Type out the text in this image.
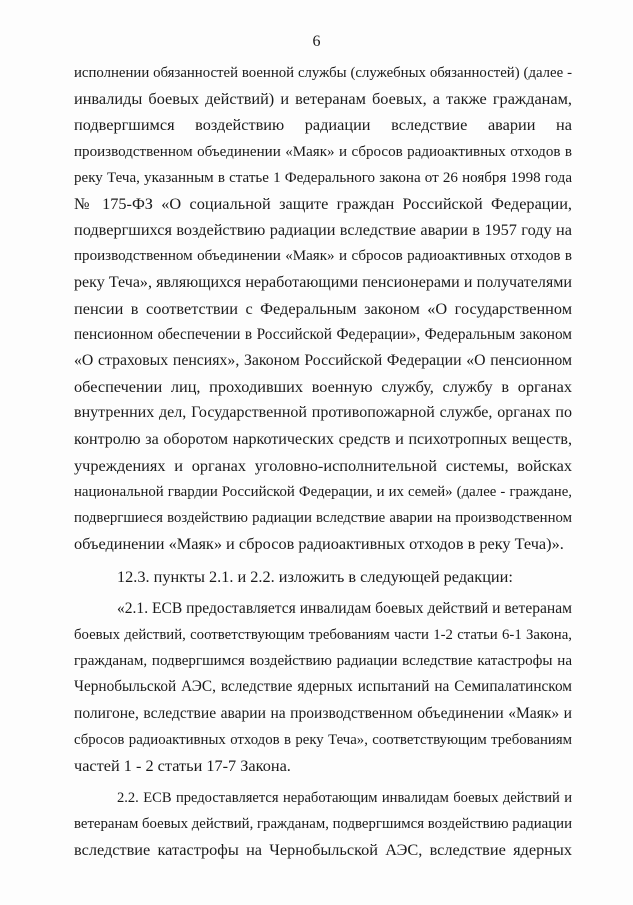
6
исполнении обязанностей военной службы (служебных обязанностей) (далее -
инвалиды боевых действий) и ветеранам боевых, а также гражданам,
подвергшимся воздействию радиации вследствие аварии на
производственном объединении «Маяк» и сбросов радиоактивных отходов в
реку Теча, указанным в статье 1 Федерального закона от 26 ноября 1998 года
№ 175-ФЗ «О социальной защите граждан Российской Федерации,
подвергшихся воздействию радиации вследствие аварии в 1957 году на
производственном объединении «Маяк» и сбросов радиоактивных отходов в
реку Теча», являющихся неработающими пенсионерами и получателями
пенсии в соответствии с Федеральным законом «О государственном
пенсионном обеспечении в Российской Федерации», Федеральным законом
«О страховых пенсиях», Законом Российской Федерации «О пенсионном
обеспечении лиц, проходивших военную службу, службу в органах
внутренних дел, Государственной противопожарной службе, органах по
контролю за оборотом наркотических средств и психотропных веществ,
учреждениях и органах уголовно-исполнительной системы, войсках
национальной гвардии Российской Федерации, и их семей» (далее - граждане,
подвергшиеся воздействию радиации вследствие аварии на производственном
объединении «Маяк» и сбросов радиоактивных отходов в реку Теча)».
12.3. пункты 2.1. и 2.2. изложить в следующей редакции:
«2.1. ЕСВ предоставляется инвалидам боевых действий и ветеранам
боевых действий, соответствующим требованиям части 1-2 статьи 6-1 Закона,
гражданам, подвергшимся воздействию радиации вследствие катастрофы на
Чернобыльской АЭС, вследствие ядерных испытаний на Семипалатинском
полигоне, вследствие аварии на производственном объединении «Маяк» и
сбросов радиоактивных отходов в реку Теча», соответствующим требованиям
частей 1 - 2 статьи 17-7 Закона.
2.2. ЕСВ предоставляется неработающим инвалидам боевых действий и
ветеранам боевых действий, гражданам, подвергшимся воздействию радиации
вследствие катастрофы на Чернобыльской АЭС, вследствие ядерных
